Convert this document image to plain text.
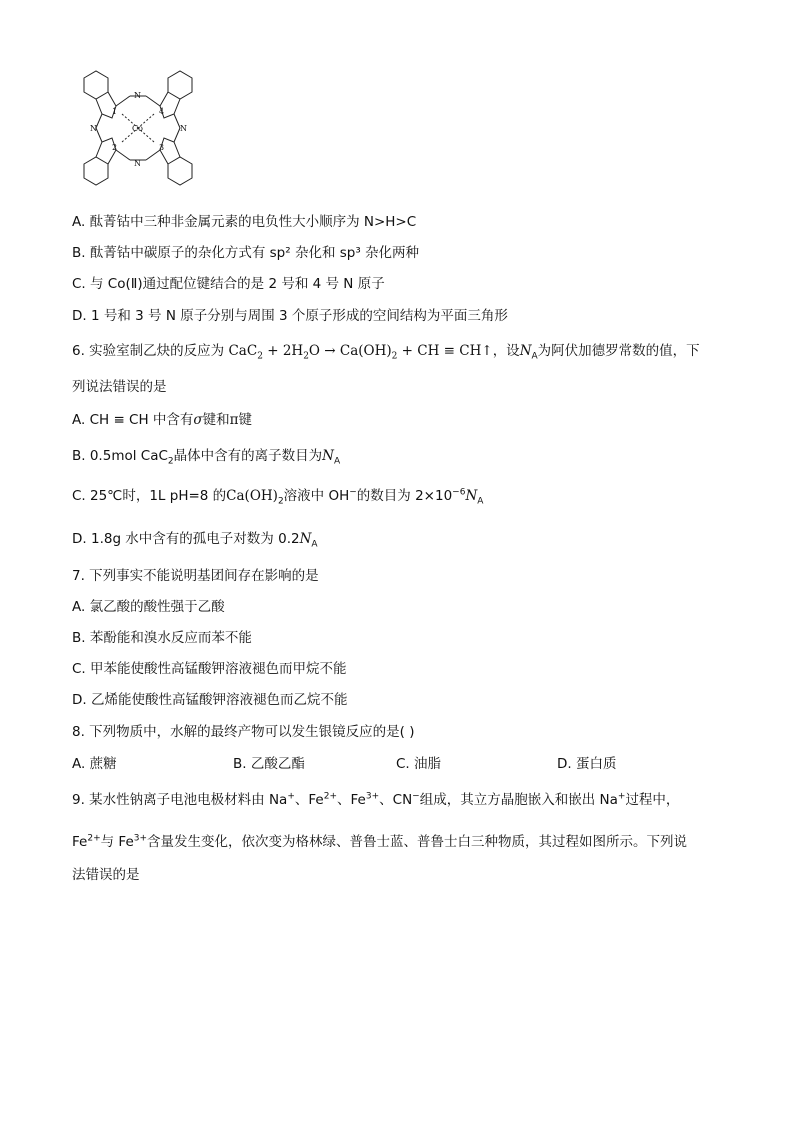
Co
1
2	3
4
N
N
N	N
A. 酞菁钴中三种非金属元素的电负性大小顺序为 N>H>C
B. 酞菁钴中碳原子的杂化方式有 sp² 杂化和 sp³ 杂化两种
C. 与 Co(Ⅱ)通过配位键结合的是 2 号和 4 号 N 原子
D. 1 号和 3 号 N 原子分别与周围 3 个原子形成的空间结构为平面三角形
6. 实验室制乙炔的反应为 $CaC_2 + 2H_2O \to Ca(OH)_2$ + CH ≡ CH↑，设$N_A$为阿伏加德罗常数的值，下
列说法错误的是
A. CH ≡ CH 中含有σ键和π键
B. 0.5mol CaC$_2$晶体中含有的离子数目为$N_A$
C. 25℃时，1L pH=8 的$Ca(OH)_2$溶液中 OH−的数目为 $2\times 10^{-6}N_A$
D. 1.8g 水中含有的孤电子对数为 $0.2N_A$
7. 下列事实不能说明基团间存在影响的是
A. 氯乙酸的酸性强于乙酸
B. 苯酚能和溴水反应而苯不能
C. 甲苯能使酸性高锰酸钾溶液褪色而甲烷不能
D. 乙烯能使酸性高锰酸钾溶液褪色而乙烷不能
8. 下列物质中，水解的最终产物可以发生银镜反应的是( )
A. 蔗糖	B. 乙酸乙酯	C. 油脂	D. 蛋白质
9. 某水性钠离子电池电极材料由 Na+、$Fe^{2+}$、$Fe^{3+}$、CN−组成，其立方晶胞嵌入和嵌出 Na+过程中，
$Fe^{2+}$与 $Fe^{3+}$含量发生变化，依次变为格林绿、普鲁士蓝、普鲁士白三种物质，其过程如图所示。下列说
法错误的是
